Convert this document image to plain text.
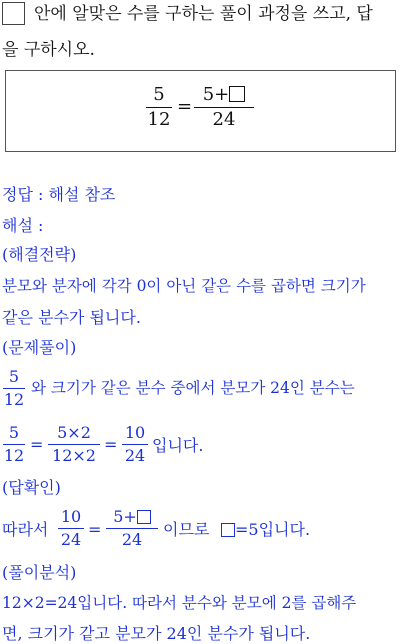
안에 알맞은 수를 구하는 풀이 과정을 쓰고, 답
을 구하시오.
5
12
=
5+
24
정답 : 해설 참조
해설 :
(해결전략)
분모와 분자에 각각 0이 아닌 같은 수를 곱하면 크기가
같은 분수가 됩니다.
(문제풀이)
5
12
와 크기가 같은 분수 중에서 분모가 24인 분수는
5
12
=
5×2
12×2
=
10
24
입니다.
(답확인)
따라서
10
24
=
5+
24
이므로	=5입니다.
(풀이분석)
12×2=24입니다. 따라서 분수와 분모에 2를 곱해주
면, 크기가 같고 분모가 24인 분수가 됩니다.
